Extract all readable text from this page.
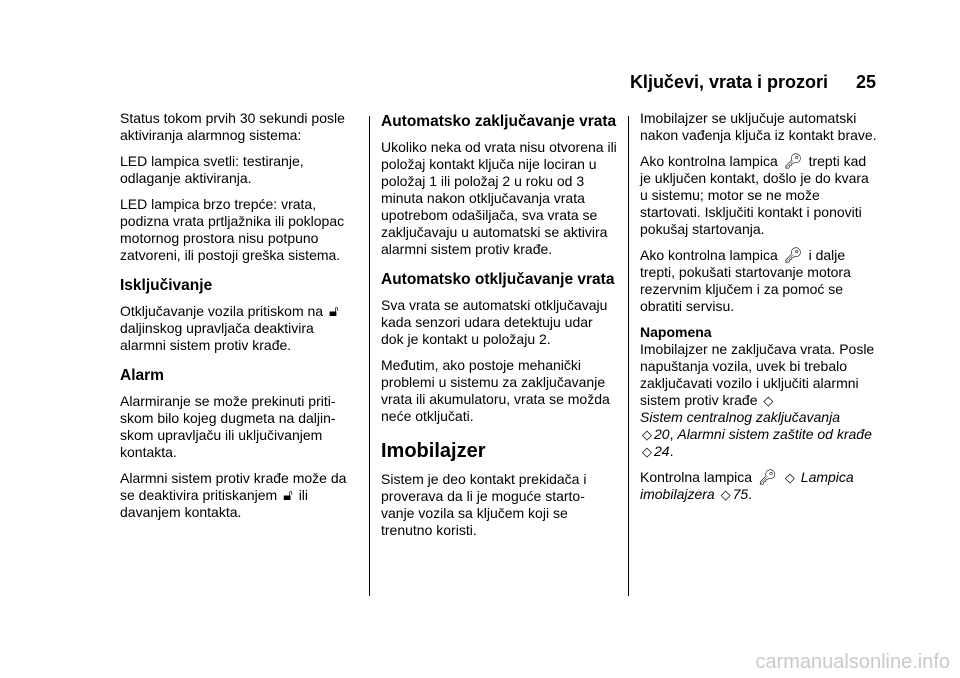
Ključevi, vrata i prozori 25

Status tokom prvih 30 sekundi posle aktiviranja alarmnog sistema:

LED lampica svetli: testiranje, odlaganje aktiviranja.

LED lampica brzo trepće: vrata, podizna vrata prtljažnika ili poklopac motornog prostora nisu potpuno zatvoreni, ili postoji greška sistema.

Isključivanje

Otključavanje vozila pritiskom na 🔓︎ daljinskog upravljača deaktivira alarmni sistem protiv krađe.

Alarm

Alarmiranje se može prekinuti priti- skom bilo kojeg dugmeta na daljin- skom upravljaču ili uključivanjem kontakta.

Alarmni sistem protiv krađe može da se deaktivira pritiskanjem 🔓︎ ili davanjem kontakta.

Automatsko zaključavanje vrata

Ukoliko neka od vrata nisu otvorena ili položaj kontakt ključa nije lociran u položaj 1 ili položaj 2 u roku od 3 minuta nakon otključavanja vrata upotrebom odašiljača, sva vrata se zaključavaju u automatski se aktivira alarmni sistem protiv krađe.

Automatsko otključavanje vrata

Sva vrata se automatski otključavaju kada senzori udara detektuju udar dok je kontakt u položaju 2.

Međutim, ako postoje mehanički problemi u sistemu za zaključavanje vrata ili akumulatoru, vrata se možda neće otključati.

Imobilajzer

Sistem je deo kontakt prekidača i proverava da li je moguće starto- vanje vozila sa ključem koji se trenutno koristi.

Imobilajzer se uključuje automatski nakon vađenja ključa iz kontakt brave.

Ako kontrolna lampica 🔑︎ trepti kad je uključen kontakt, došlo je do kvara u sistemu; motor se ne može startovati. Isključiti kontakt i ponoviti pokušaj startovanja.

Ako kontrolna lampica 🔑︎ i dalje trepti, pokušati startovanje motora rezervnim ključem i za pomoć se obratiti servisu.

Napomena

Imobilajzer ne zaključava vrata. Posle napuštanja vozila, uvek bi trebalo zaključavati vozilo i uključiti alarmni sistem protiv krađe ◇
Sistem centralnog zaključavanja
◇ 20, Alarmni sistem zaštite od krađe ◇ 24.

Kontrolna lampica 🔑︎ ◇ Lampica imobilajzera ◇ 75.

carmanualsonline.info
